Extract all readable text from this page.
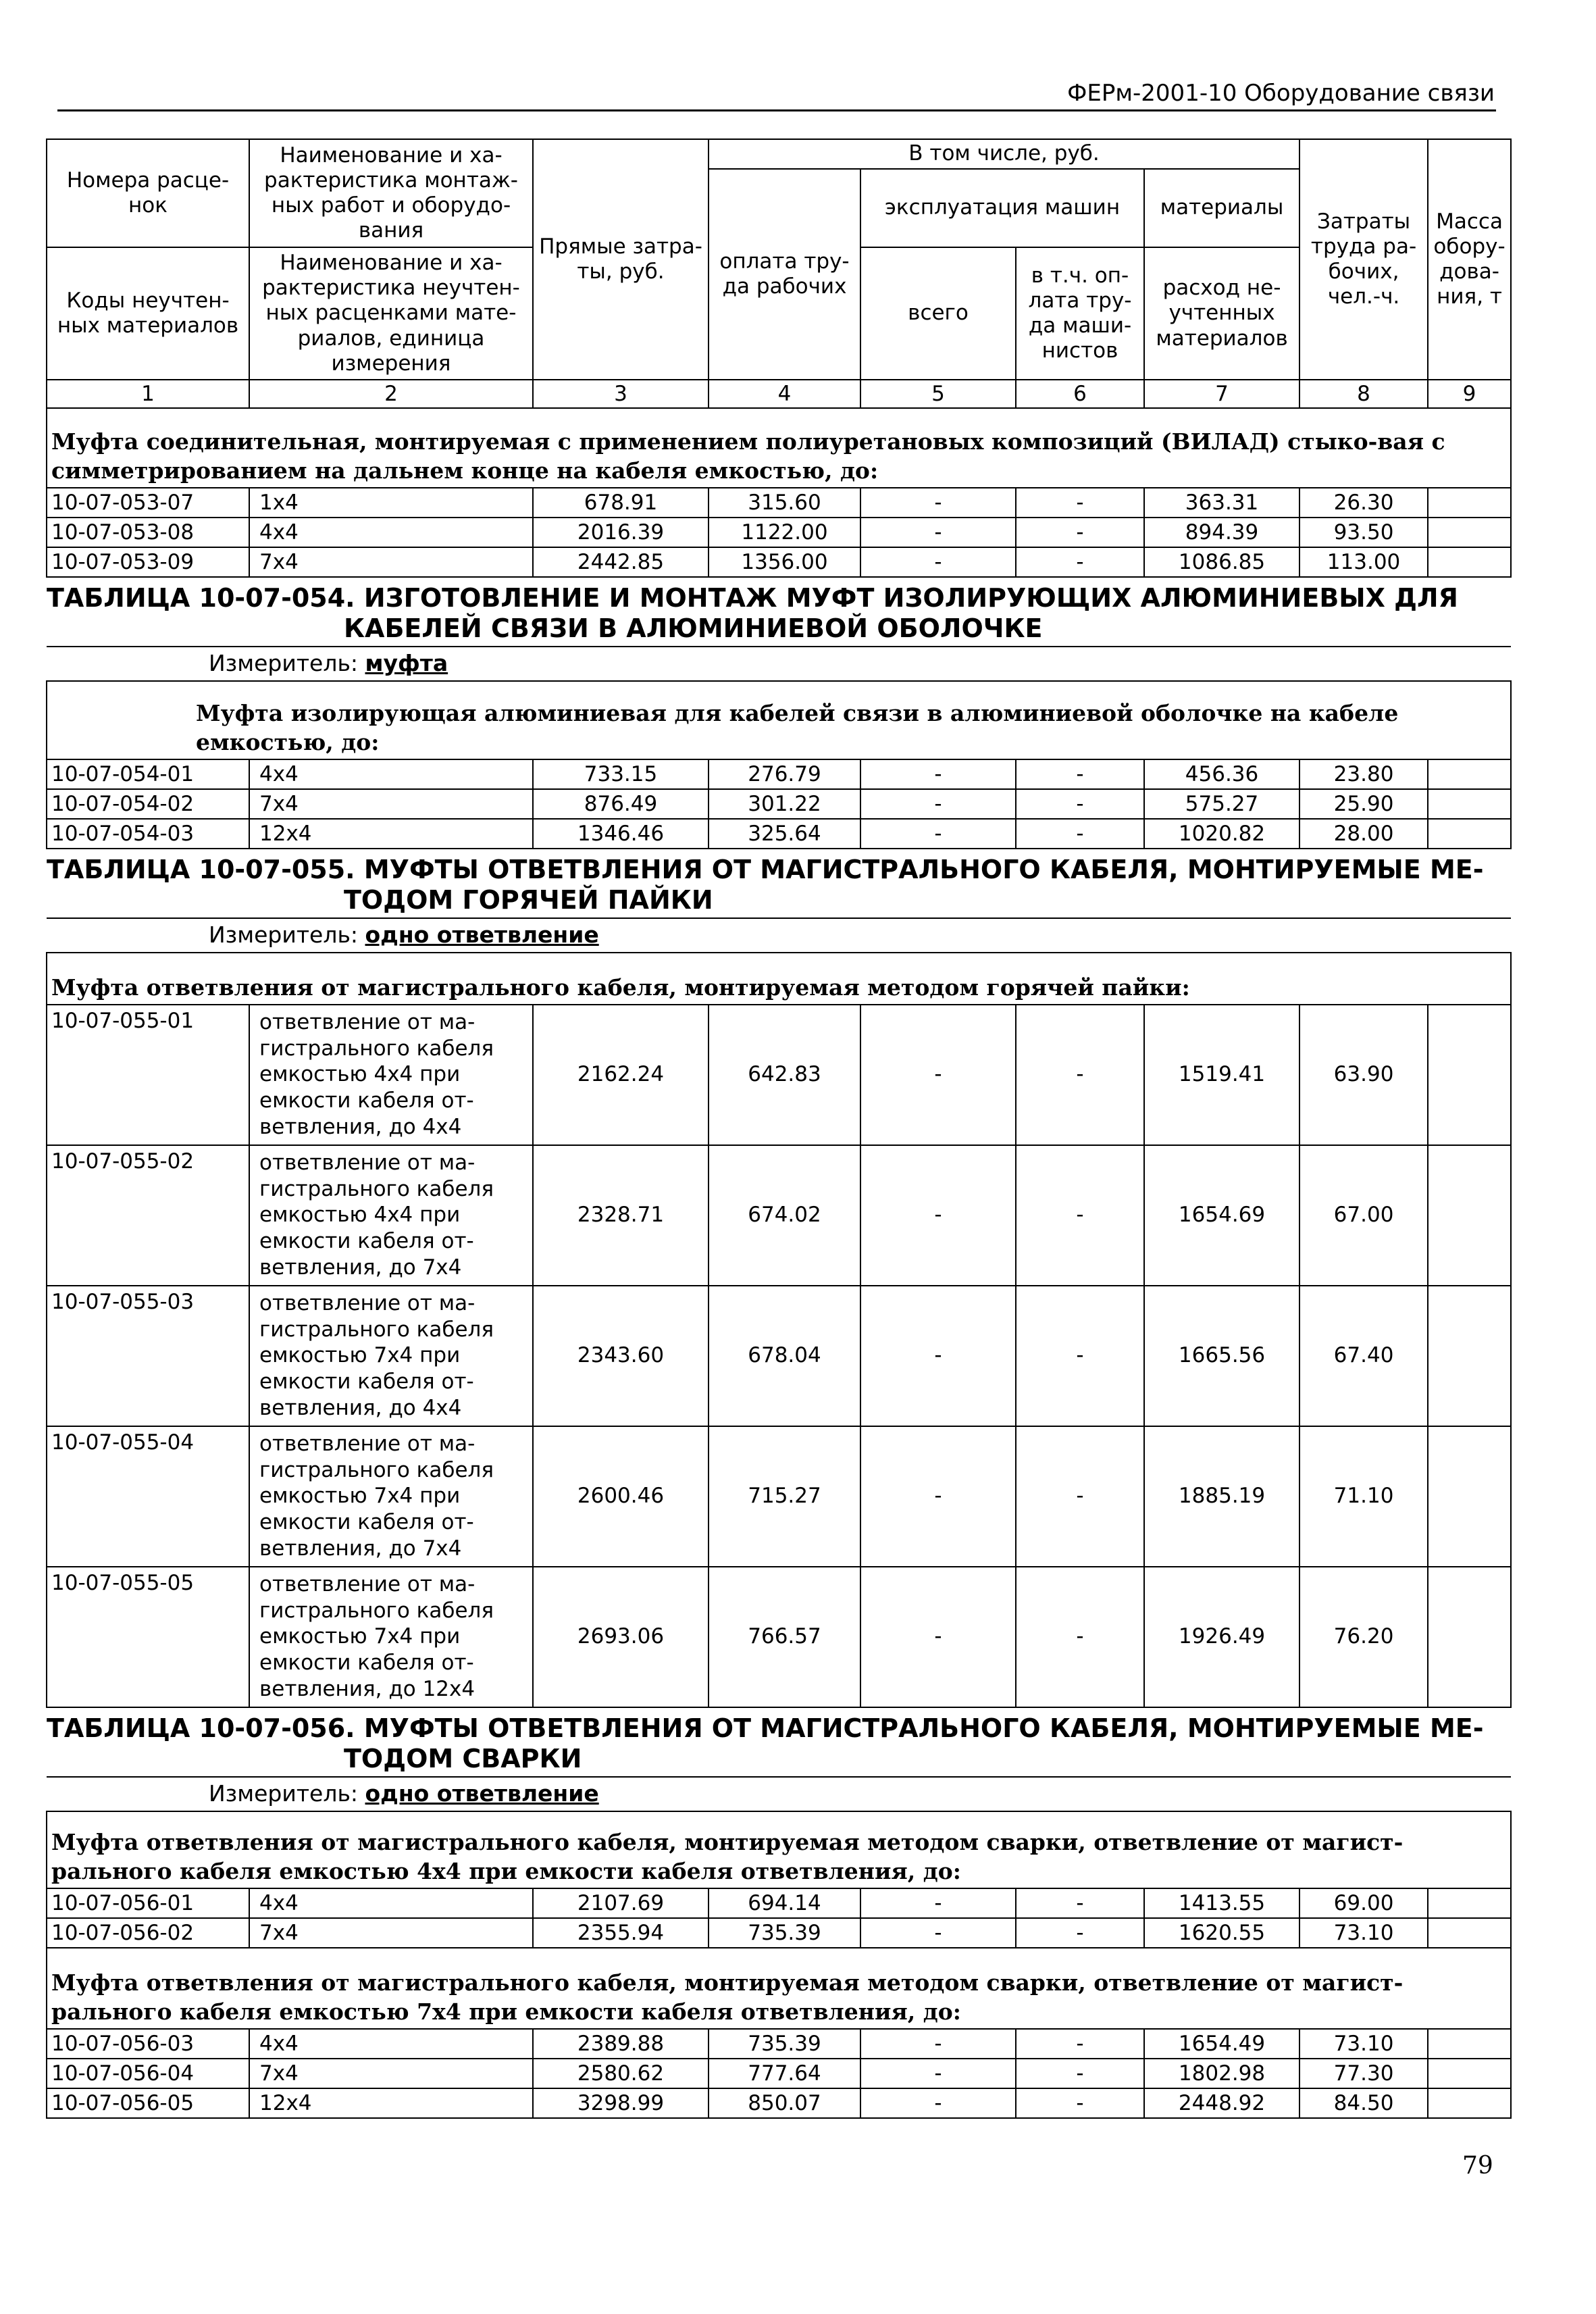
ФЕРм-2001-10 Оборудование связи
Номера расце-нок	Наименование и ха-рактеристика монтаж-ных работ и оборудо-вания	Прямые затра-ты, руб.	В том числе, руб.				Затраты труда ра-бочих, чел.-ч.	Масса обору-дова-ния, т
			оплата тру-да рабочих	эксплуатация машин		материалы		
Коды неучтен-ных материалов	Наименование и ха-рактеристика неучтен-ных расценками мате-риалов, единица измерения			всего	в т.ч. оп-лата тру-да маши-нистов	расход не-учтенных материалов		

1	2	3	4	5	6	7	8	9
Муфта соединительная, монтируемая с применением полиуретановых композиций (ВИЛАД) стыко-вая с симметрированием на дальнем конце на кабеля емкостью, до:								
10-07-053-07	1х4	678.91	315.60	-	-	363.31	26.30	
10-07-053-08	4х4	2016.39	1122.00	-	-	894.39	93.50	
10-07-053-09	7х4	2442.85	1356.00	-	-	1086.85	113.00	
ТАБЛИЦА 10-07-054. ИЗГОТОВЛЕНИЕ И МОНТАЖ МУФТ ИЗОЛИРУЮЩИХ АЛЮМИНИЕВЫХ ДЛЯ
КАБЕЛЕЙ СВЯЗИ В АЛЮМИНИЕВОЙ ОБОЛОЧКЕ								

Измеритель: муфта								
Муфта изолирующая алюминиевая для кабелей связи в алюминиевой оболочке на кабеле емкостью, до:								
10-07-054-01	4х4	733.15	276.79	-	-	456.36	23.80	
10-07-054-02	7х4	876.49	301.22	-	-	575.27	25.90	
10-07-054-03	12х4	1346.46	325.64	-	-	1020.82	28.00	
ТАБЛИЦА 10-07-055. МУФТЫ ОТВЕТВЛЕНИЯ ОТ МАГИСТРАЛЬНОГО КАБЕЛЯ, МОНТИРУЕМЫЕ МЕ-
ТОДОМ ГОРЯЧЕЙ ПАЙКИ								

Измеритель: одно ответвление								
Муфта ответвления от магистрального кабеля, монтируемая методом горячей пайки:								
10-07-055-01	ответвление от ма-гистрального кабеля емкостью 4х4 при емкости кабеля от-ветвления, до 4х4	2162.24	642.83	-	-	1519.41	63.90	
10-07-055-02	ответвление от ма-гистрального кабеля емкостью 4х4 при емкости кабеля от-ветвления, до 7х4	2328.71	674.02	-	-	1654.69	67.00	
10-07-055-03	ответвление от ма-гистрального кабеля емкостью 7х4 при емкости кабеля от-ветвления, до 4х4	2343.60	678.04	-	-	1665.56	67.40	
10-07-055-04	ответвление от ма-гистрального кабеля емкостью 7х4 при емкости кабеля от-ветвления, до 7х4	2600.46	715.27	-	-	1885.19	71.10	
10-07-055-05	ответвление от ма-гистрального кабеля емкостью 7х4 при емкости кабеля от-ветвления, до 12х4	2693.06	766.57	-	-	1926.49	76.20	
ТАБЛИЦА 10-07-056. МУФТЫ ОТВЕТВЛЕНИЯ ОТ МАГИСТРАЛЬНОГО КАБЕЛЯ, МОНТИРУЕМЫЕ МЕ-
ТОДОМ СВАРКИ								

Измеритель: одно ответвление								
Муфта ответвления от магистрального кабеля, монтируемая методом сварки, ответвление от магист-рального кабеля емкостью 4х4 при емкости кабеля ответвления, до:								
10-07-056-01	4х4	2107.69	694.14	-	-	1413.55	69.00	
10-07-056-02	7х4	2355.94	735.39	-	-	1620.55	73.10	
Муфта ответвления от магистрального кабеля, монтируемая методом сварки, ответвление от магист-рального кабеля емкостью 7х4 при емкости кабеля ответвления, до:								
10-07-056-03	4х4	2389.88	735.39	-	-	1654.49	73.10	
10-07-056-04	7х4	2580.62	777.64	-	-	1802.98	77.30	
10-07-056-05	12х4	3298.99	850.07	-	-	2448.92	84.50	
79
